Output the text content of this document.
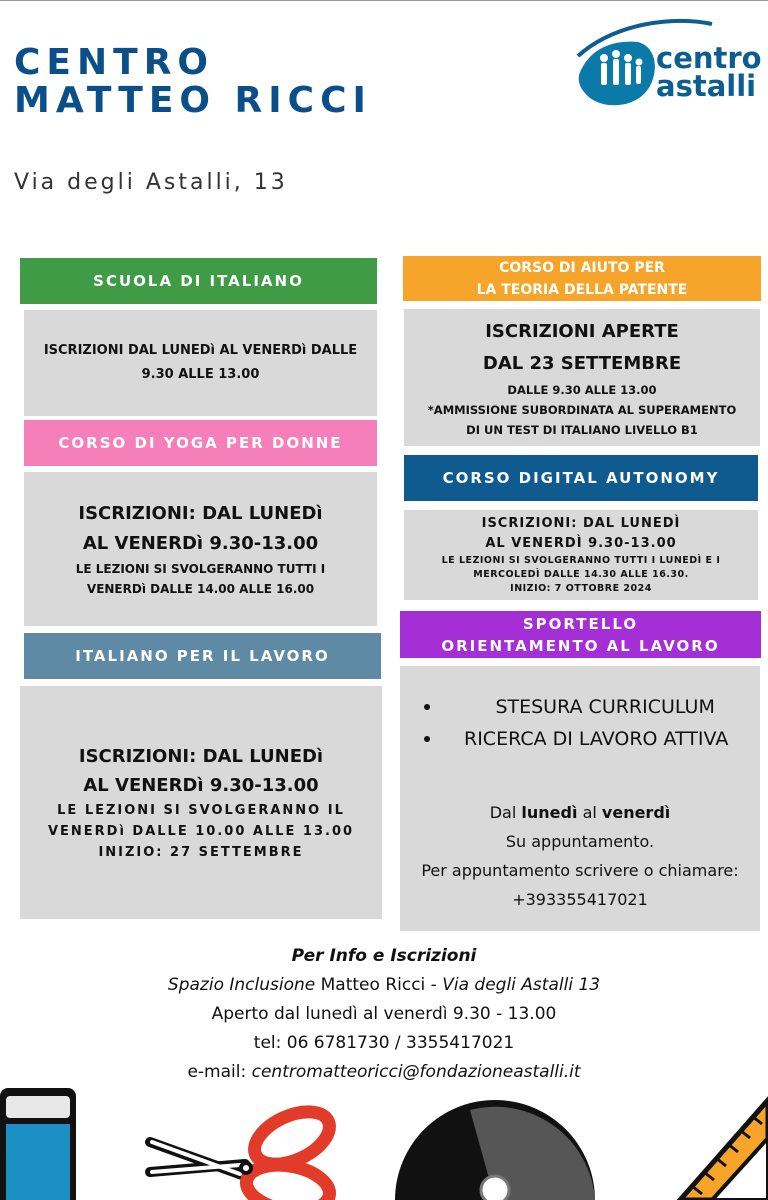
CENTRO
MATTEO RICCI
Via degli Astalli, 13
centro
astalli
SCUOLA DI ITALIANO
ISCRIZIONI DAL LUNEDì AL VENERDì DALLE 9.30 ALLE 13.00
CORSO DI YOGA PER DONNE
ISCRIZIONI: DAL LUNEDì
AL VENERDì 9.30-13.00
LE LEZIONI SI SVOLGERANNO TUTTI I
VENERDì DALLE 14.00 ALLE 16.00
ITALIANO PER IL LAVORO
ISCRIZIONI: DAL LUNEDì
AL VENERDì 9.30-13.00
LE LEZIONI SI SVOLGERANNO IL
VENERDì DALLE 10.00 ALLE 13.00
INIZIO: 27 SETTEMBRE
CORSO DI AIUTO PER
LA TEORIA DELLA PATENTE
ISCRIZIONI APERTE
DAL 23 SETTEMBRE
DALLE 9.30 ALLE 13.00
*AMMISSIONE SUBORDINATA AL SUPERAMENTO
DI UN TEST DI ITALIANO LIVELLO B1
CORSO DIGITAL AUTONOMY
ISCRIZIONI: DAL LUNEDÌ
AL VENERDÌ 9.30-13.00
LE LEZIONI SI SVOLGERANNO TUTTI I LUNEDÌ E I
MERCOLEDÌ DALLE 14.30 ALLE 16.30.
INIZIO: 7 OTTOBRE 2024
SPORTELLO
ORIENTAMENTO AL LAVORO
STESURA CURRICULUM
RICERCA DI LAVORO ATTIVA
Dal lunedì al venerdì
Su appuntamento.
Per appuntamento scrivere o chiamare:
+393355417021
Per Info e Iscrizioni
Spazio Inclusione Matteo Ricci - Via degli Astalli 13
Aperto dal lunedì al venerdì 9.30 - 13.00
tel: 06 6781730 / 3355417021
e-mail: centromatteoricci@fondazioneastalli.it
